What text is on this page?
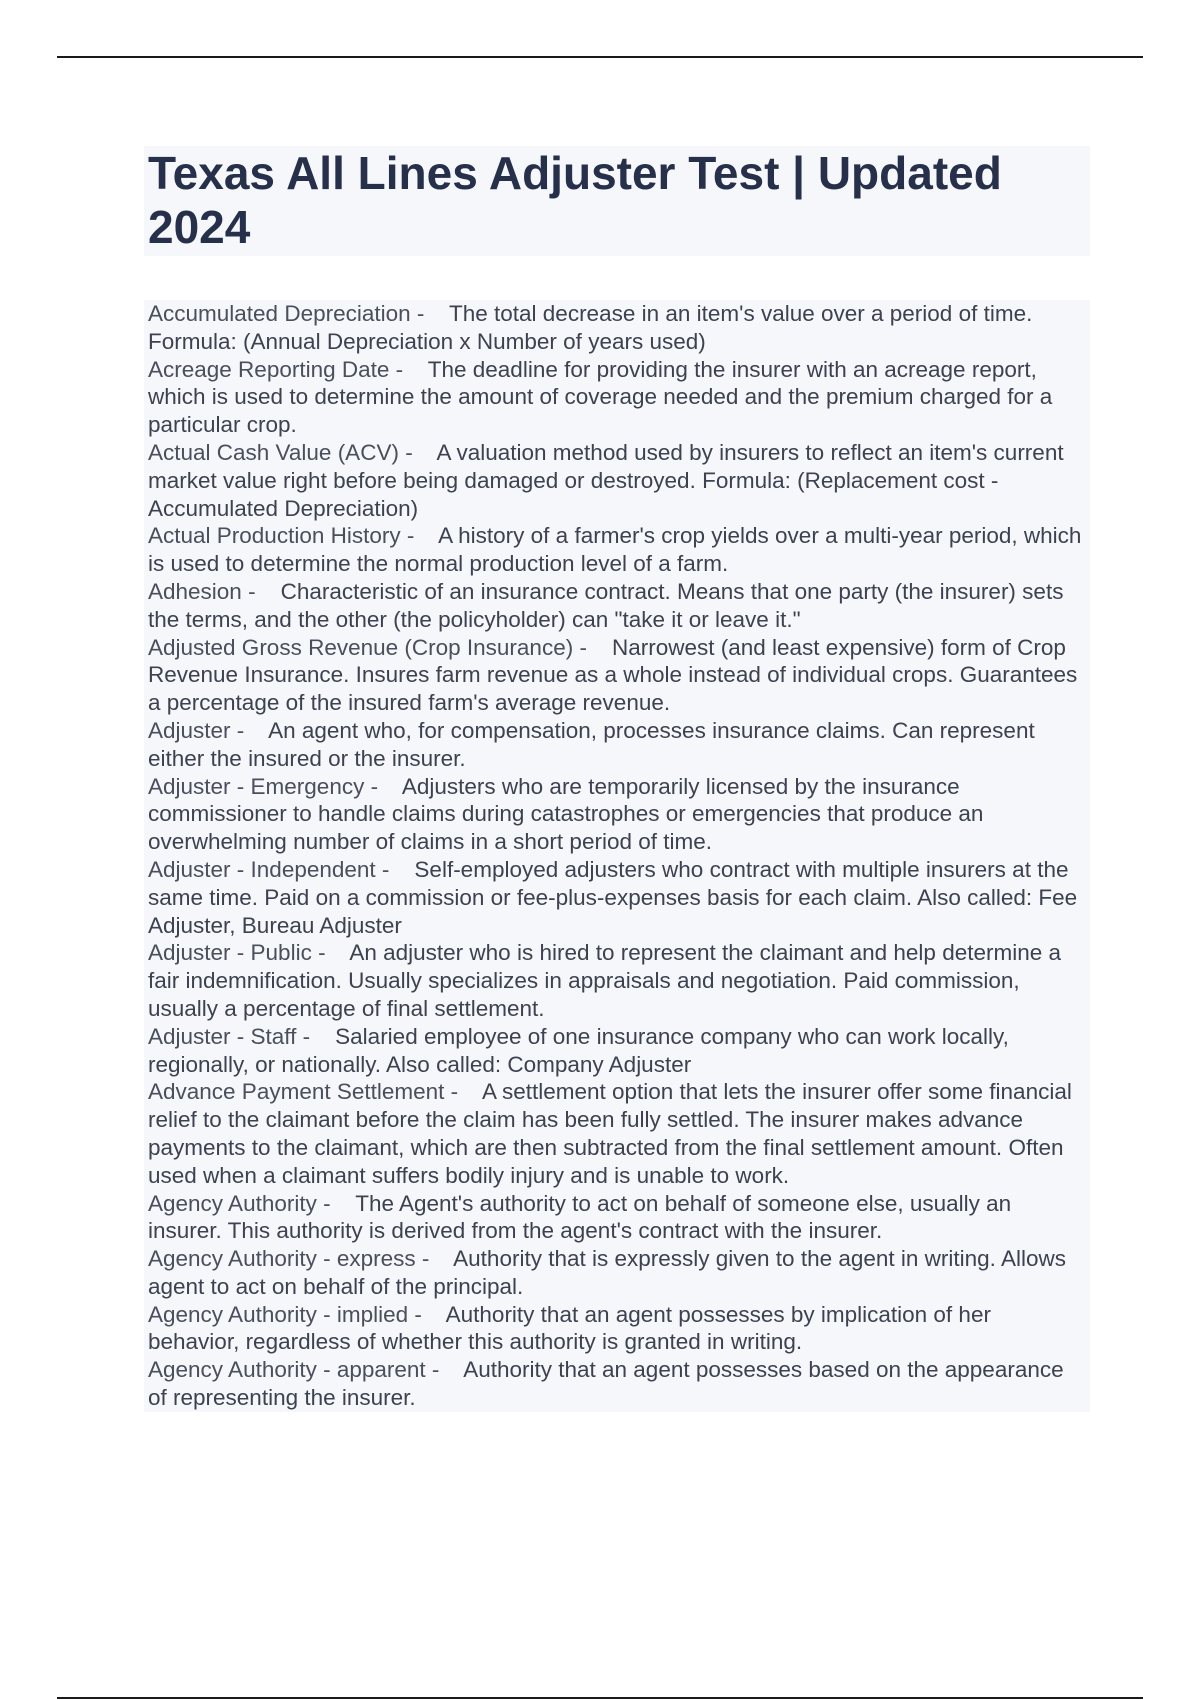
Texas All Lines Adjuster Test | Updated 2024
Accumulated Depreciation -    The total decrease in an item's value over a period of time. Formula: (Annual Depreciation x Number of years used)
Acreage Reporting Date -    The deadline for providing the insurer with an acreage report, which is used to determine the amount of coverage needed and the premium charged for a particular crop.
Actual Cash Value (ACV) -    A valuation method used by insurers to reflect an item's current market value right before being damaged or destroyed. Formula: (Replacement cost - Accumulated Depreciation)
Actual Production History -    A history of a farmer's crop yields over a multi-year period, which is used to determine the normal production level of a farm.
Adhesion -    Characteristic of an insurance contract. Means that one party (the insurer) sets the terms, and the other (the policyholder) can "take it or leave it."
Adjusted Gross Revenue (Crop Insurance) -    Narrowest (and least expensive) form of Crop Revenue Insurance. Insures farm revenue as a whole instead of individual crops. Guarantees a percentage of the insured farm's average revenue.
Adjuster -    An agent who, for compensation, processes insurance claims. Can represent either the insured or the insurer.
Adjuster - Emergency -    Adjusters who are temporarily licensed by the insurance commissioner to handle claims during catastrophes or emergencies that produce an overwhelming number of claims in a short period of time.
Adjuster - Independent -    Self-employed adjusters who contract with multiple insurers at the same time. Paid on a commission or fee-plus-expenses basis for each claim. Also called: Fee Adjuster, Bureau Adjuster
Adjuster - Public -    An adjuster who is hired to represent the claimant and help determine a fair indemnification. Usually specializes in appraisals and negotiation. Paid commission, usually a percentage of final settlement.
Adjuster - Staff -    Salaried employee of one insurance company who can work locally, regionally, or nationally. Also called: Company Adjuster
Advance Payment Settlement -    A settlement option that lets the insurer offer some financial relief to the claimant before the claim has been fully settled. The insurer makes advance payments to the claimant, which are then subtracted from the final settlement amount. Often used when a claimant suffers bodily injury and is unable to work.
Agency Authority -    The Agent's authority to act on behalf of someone else, usually an insurer. This authority is derived from the agent's contract with the insurer.
Agency Authority - express -    Authority that is expressly given to the agent in writing. Allows agent to act on behalf of the principal.
Agency Authority - implied -    Authority that an agent possesses by implication of her behavior, regardless of whether this authority is granted in writing.
Agency Authority - apparent -    Authority that an agent possesses based on the appearance of representing the insurer.
